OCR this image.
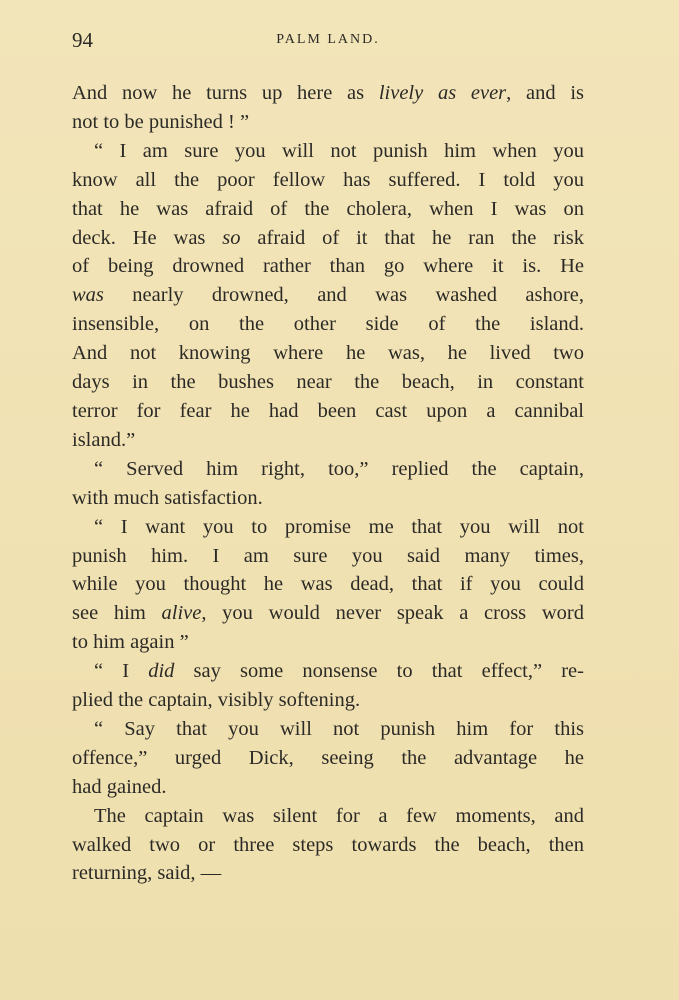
94	PALM LAND.
And now he turns up here as lively as ever, and is
not to be punished ! ”
“ I am sure you will not punish him when you
know all the poor fellow has suffered. I told you
that he was afraid of the cholera, when I was on
deck. He was so afraid of it that he ran the risk
of being drowned rather than go where it is. He
was nearly drowned, and was washed ashore,
insensible, on the other side of the island.
And not knowing where he was, he lived two
days in the bushes near the beach, in constant
terror for fear he had been cast upon a cannibal
island.”
“ Served him right, too,” replied the captain,
with much satisfaction.
“ I want you to promise me that you will not
punish him. I am sure you said many times,
while you thought he was dead, that if you could
see him alive, you would never speak a cross word
to him again ”
“ I did say some nonsense to that effect,” re-
plied the captain, visibly softening.
“ Say that you will not punish him for this
offence,” urged Dick, seeing the advantage he
had gained.
The captain was silent for a few moments, and
walked two or three steps towards the beach, then
returning, said, —
